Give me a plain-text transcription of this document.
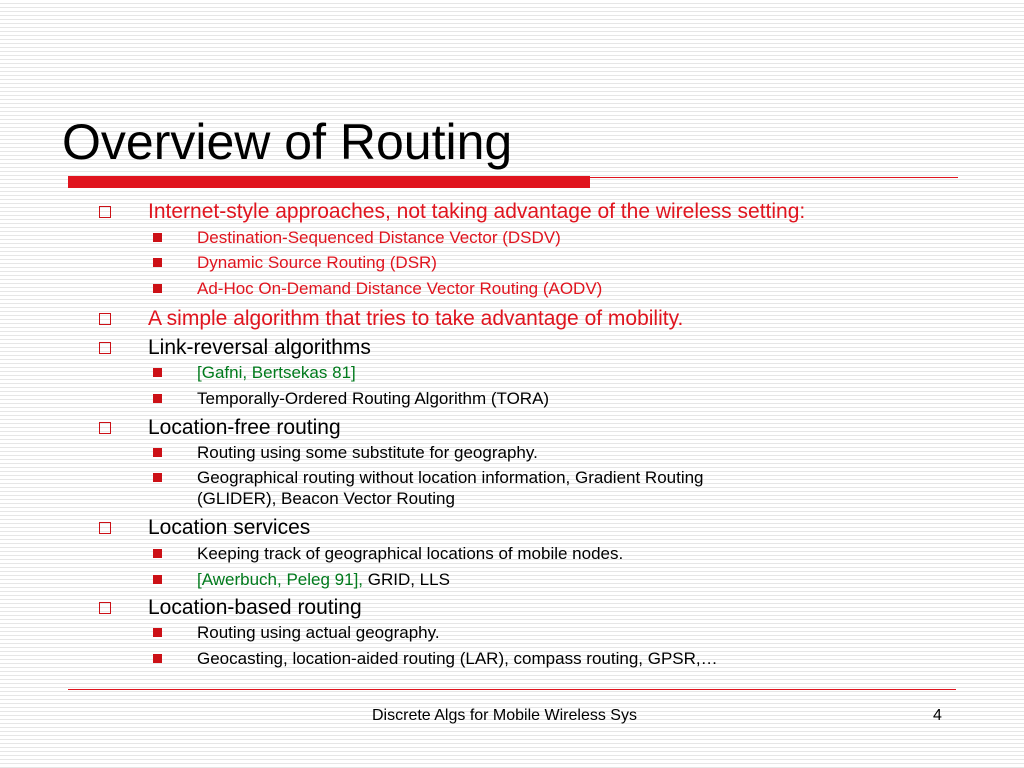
Overview of Routing
Internet-style approaches, not taking advantage of the wireless setting:
Destination-Sequenced Distance Vector (DSDV)
Dynamic Source Routing (DSR)
Ad-Hoc On-Demand Distance Vector Routing (AODV)
A simple algorithm that tries to take advantage of mobility.
Link-reversal algorithms
[Gafni, Bertsekas 81]
Temporally-Ordered Routing Algorithm (TORA)
Location-free routing
Routing using some substitute for geography.
Geographical routing without location information, Gradient Routing
(GLIDER), Beacon Vector Routing
Location services
Keeping track of geographical locations of mobile nodes.
[Awerbuch, Peleg 91], GRID, LLS
Location-based routing
Routing using actual geography.
Geocasting, location-aided routing (LAR), compass routing, GPSR,…
Discrete Algs for Mobile Wireless Sys	4
